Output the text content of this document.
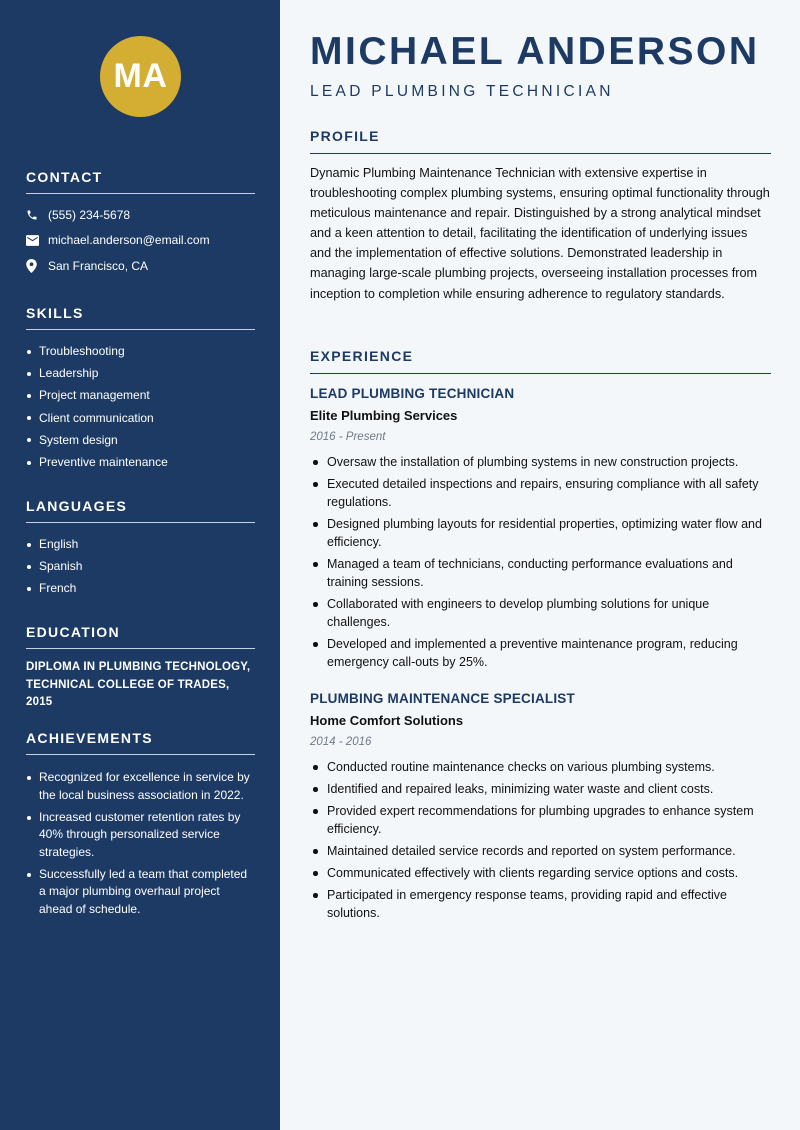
MA
CONTACT
(555) 234-5678
michael.anderson@email.com
San Francisco, CA
SKILLS
Troubleshooting
Leadership
Project management
Client communication
System design
Preventive maintenance
LANGUAGES
English
Spanish
French
EDUCATION
DIPLOMA IN PLUMBING TECHNOLOGY,
TECHNICAL COLLEGE OF TRADES, 2015
ACHIEVEMENTS
Recognized for excellence in service by the local business association in 2022.
Increased customer retention rates by 40% through personalized service strategies.
Successfully led a team that completed a major plumbing overhaul project ahead of schedule.
MICHAEL ANDERSON
LEAD PLUMBING TECHNICIAN
PROFILE

Dynamic Plumbing Maintenance Technician with extensive expertise in troubleshooting complex plumbing systems, ensuring optimal functionality through meticulous maintenance and repair. Distinguished by a strong analytical mindset and a keen attention to detail, facilitating the identification of underlying issues and the implementation of effective solutions. Demonstrated leadership in managing large-scale plumbing projects, overseeing installation processes from inception to completion while ensuring adherence to regulatory standards.

EXPERIENCE
LEAD PLUMBING TECHNICIAN
Elite Plumbing Services
2016 - Present
Oversaw the installation of plumbing systems in new construction projects.
Executed detailed inspections and repairs, ensuring compliance with all safety regulations.
Designed plumbing layouts for residential properties, optimizing water flow and efficiency.
Managed a team of technicians, conducting performance evaluations and training sessions.
Collaborated with engineers to develop plumbing solutions for unique challenges.
Developed and implemented a preventive maintenance program, reducing emergency call-outs by 25%.
PLUMBING MAINTENANCE SPECIALIST
Home Comfort Solutions
2014 - 2016
Conducted routine maintenance checks on various plumbing systems.
Identified and repaired leaks, minimizing water waste and client costs.
Provided expert recommendations for plumbing upgrades to enhance system efficiency.
Maintained detailed service records and reported on system performance.
Communicated effectively with clients regarding service options and costs.
Participated in emergency response teams, providing rapid and effective solutions.
